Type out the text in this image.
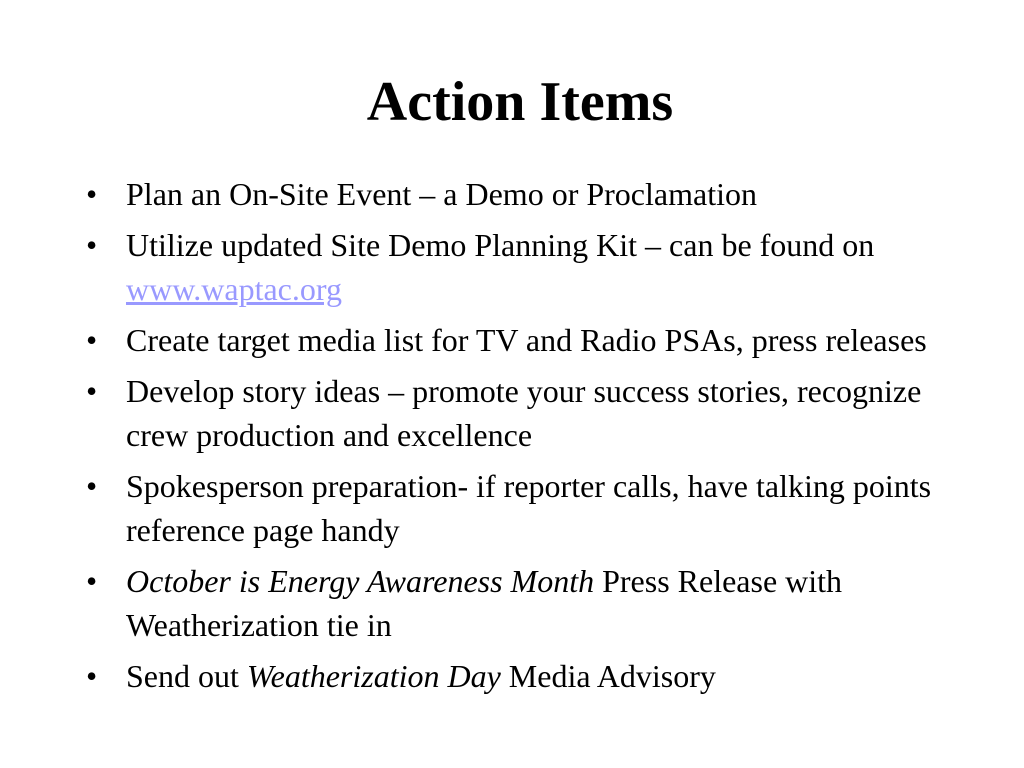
Action Items
• Plan an On-Site Event – a Demo or Proclamation
• Utilize updated Site Demo Planning Kit – can be found on www.waptac.org
• Create target media list for TV and Radio PSAs, press releases
• Develop story ideas – promote your success stories, recognize crew production and excellence
• Spokesperson preparation- if reporter calls, have talking points reference page handy
• October is Energy Awareness Month Press Release with Weatherization tie in
• Send out Weatherization Day Media Advisory
